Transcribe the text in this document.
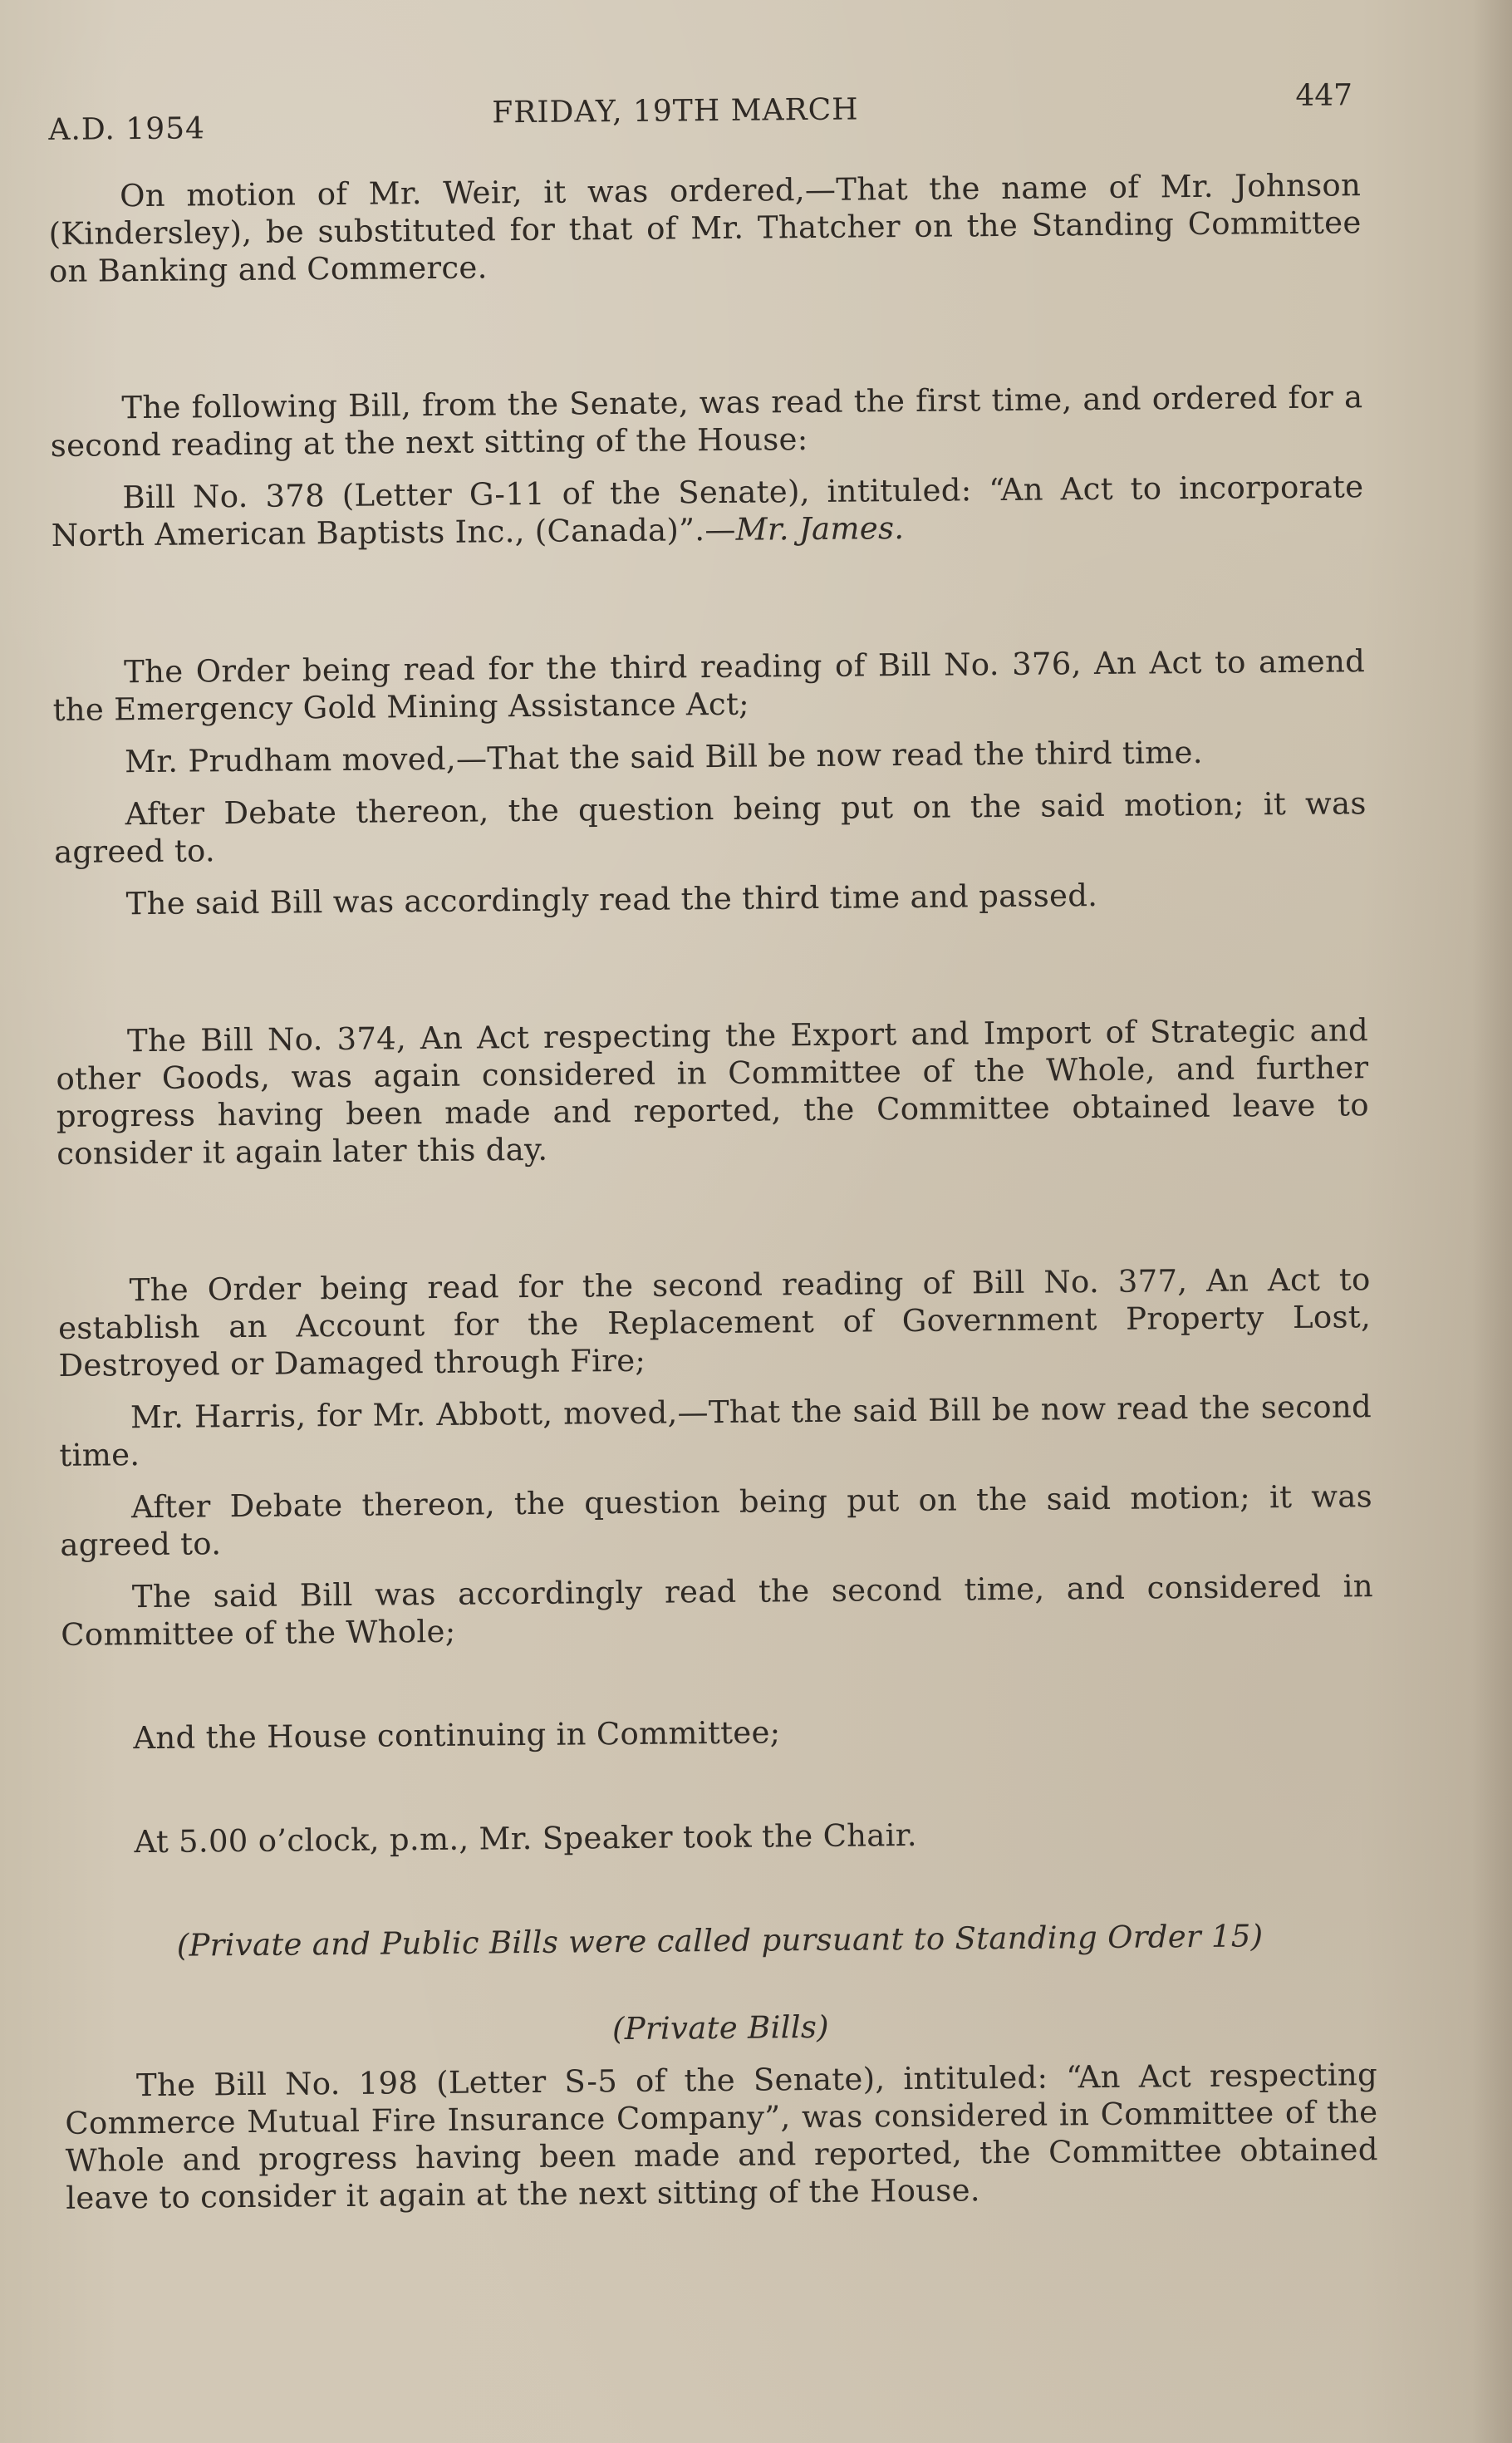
A.D. 1954	FRIDAY, 19TH MARCH	447

On motion of Mr. Weir, it was ordered,—That the name of Mr. Johnson (Kindersley), be substituted for that of Mr. Thatcher on the Standing Committee on Banking and Commerce.

The following Bill, from the Senate, was read the first time, and ordered for a second reading at the next sitting of the House:

Bill No. 378 (Letter G-11 of the Senate), intituled: “An Act to incorporate North American Baptists Inc., (Canada)”.—Mr. James.

The Order being read for the third reading of Bill No. 376, An Act to amend the Emergency Gold Mining Assistance Act;

Mr. Prudham moved,—That the said Bill be now read the third time.

After Debate thereon, the question being put on the said motion; it was agreed to.

The said Bill was accordingly read the third time and passed.

The Bill No. 374, An Act respecting the Export and Import of Strategic and other Goods, was again considered in Committee of the Whole, and further progress having been made and reported, the Committee obtained leave to consider it again later this day.

The Order being read for the second reading of Bill No. 377, An Act to establish an Account for the Replacement of Government Property Lost, Destroyed or Damaged through Fire;

Mr. Harris, for Mr. Abbott, moved,—That the said Bill be now read the second time.

After Debate thereon, the question being put on the said motion; it was agreed to.

The said Bill was accordingly read the second time, and considered in Committee of the Whole;

And the House continuing in Committee;

At 5.00 o’clock, p.m., Mr. Speaker took the Chair.

(Private and Public Bills were called pursuant to Standing Order 15)

(Private Bills)

The Bill No. 198 (Letter S-5 of the Senate), intituled: “An Act respecting Commerce Mutual Fire Insurance Company”, was considered in Committee of the Whole and progress having been made and reported, the Committee obtained leave to consider it again at the next sitting of the House.
